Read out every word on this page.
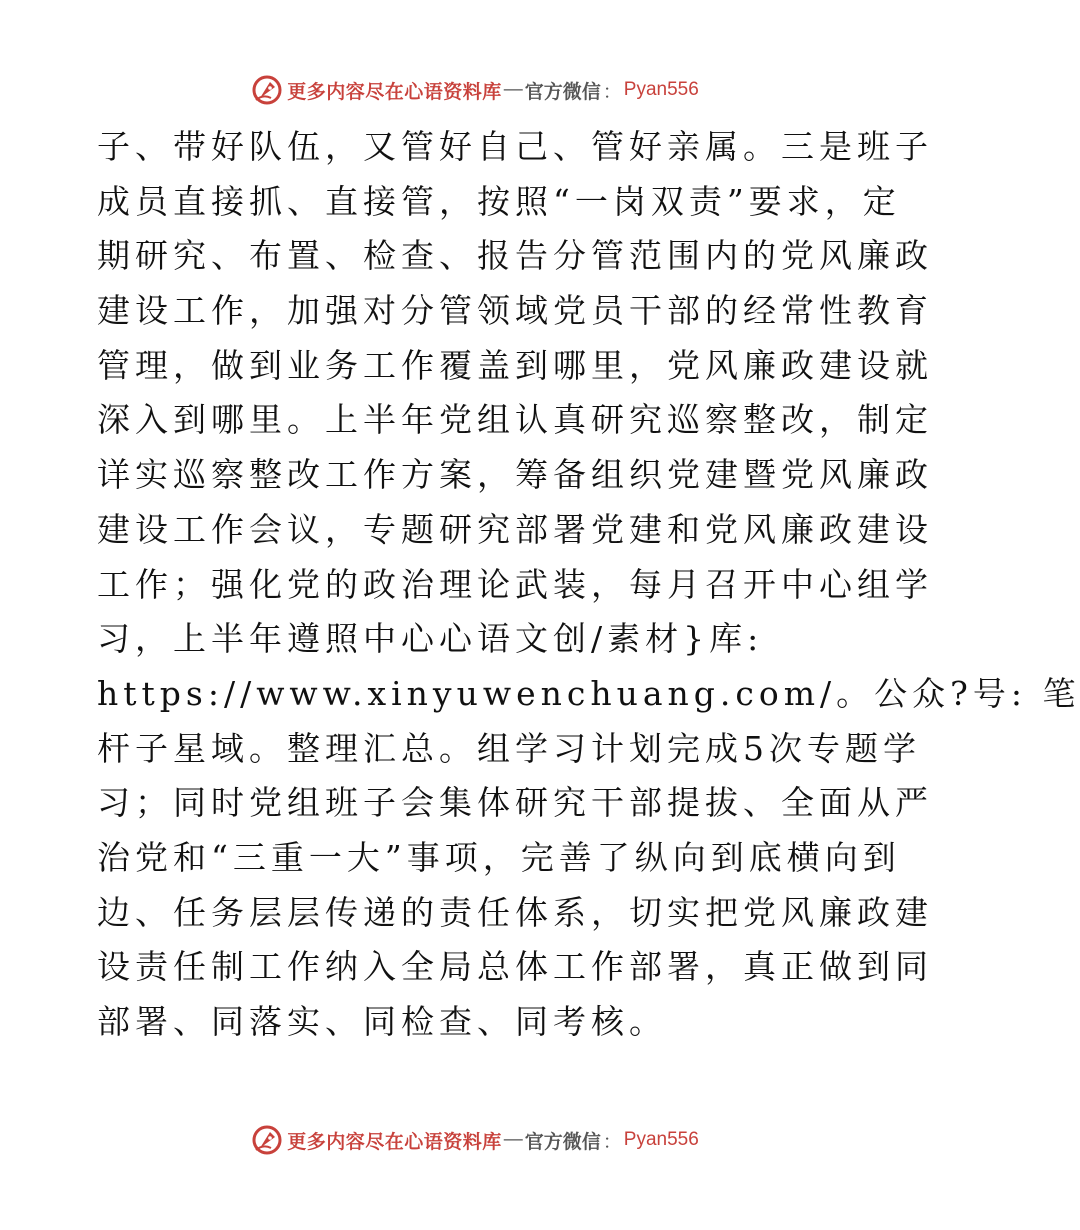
更多内容尽在心语资料库 — 官方微信 ： Pyan556
子、带好队伍，又管好自己、管好亲属。三是班子
成员直接抓、直接管，按照“一岗双责”要求，定
期研究、布置、检查、报告分管范围内的党风廉政
建设工作，加强对分管领域党员干部的经常性教育
管理，做到业务工作覆盖到哪里，党风廉政建设就
深入到哪里。上半年党组认真研究巡察整改，制定
详实巡察整改工作方案，筹备组织党建暨党风廉政
建设工作会议，专题研究部署党建和党风廉政建设
工作；强化党的政治理论武装，每月召开中心组学
习，上半年遵照中心心语文创/素材}库:
https://www.xinyuwenchuang.com/。公众?号: 笔
杆子星域。整理汇总。组学习计划完成5次专题学
习；同时党组班子会集体研究干部提拔、全面从严
治党和“三重一大”事项，完善了纵向到底横向到
边、任务层层传递的责任体系，切实把党风廉政建
设责任制工作纳入全局总体工作部署，真正做到同
部署、同落实、同检查、同考核。
更多内容尽在心语资料库 — 官方微信 ： Pyan556
